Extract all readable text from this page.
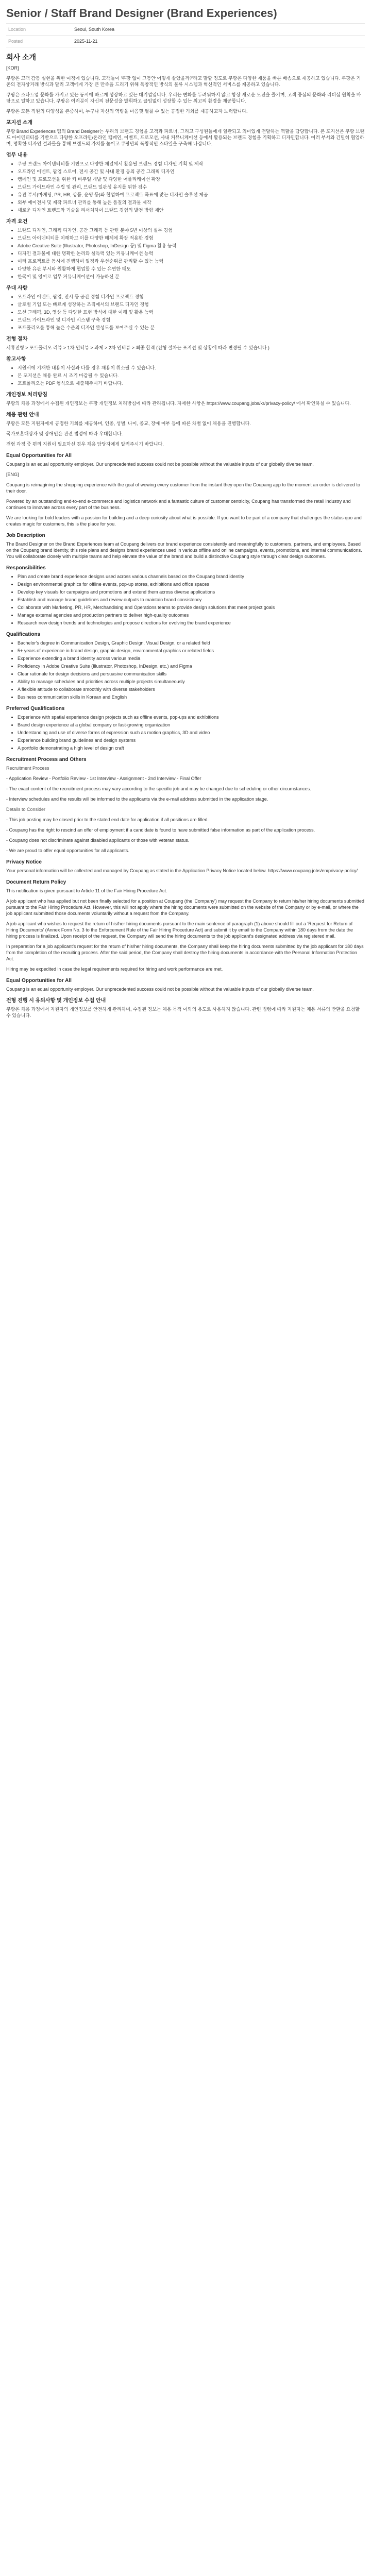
Senior / Staff Brand Designer (Brand Experiences)
Location	Seoul, South Korea
Posted	2025-11-21
회사 소개

[KOR]

쿠팡은 고객 감동 실현을 위한 여정에 있습니다. 고객들이 '쿠팡 없이 그동안 어떻게 살았을까?'라고 말할 정도로 쿠팡은 다양한 제품을 빠른 배송으로 제공하고 있습니다. 쿠팡은 기존의 전자상거래 방식과 달리 고객에게 가장 큰 만족을 드리기 위해 독창적인 방식의 물류 시스템과 혁신적인 서비스를 제공하고 있습니다.

쿠팡은 스타트업 문화를 가지고 있는 동시에 빠르게 성장하고 있는 대기업입니다. 우리는 변화를 두려워하지 않고 항상 새로운 도전을 즐기며, 고객 중심의 문화와 리더십 원칙을 바탕으로 일하고 있습니다. 쿠팡은 여러분이 자신의 전문성을 발휘하고 끊임없이 성장할 수 있는 최고의 환경을 제공합니다.

쿠팡은 모든 직원의 다양성을 존중하며, 누구나 자신의 역량을 마음껏 펼칠 수 있는 공정한 기회를 제공하고자 노력합니다.

포지션 소개

쿠팡 Brand Experiences 팀의 Brand Designer는 우리의 브랜드 경험을 고객과 파트너, 그리고 구성원들에게 일관되고 의미있게 전달하는 역할을 담당합니다. 본 포지션은 쿠팡 브랜드 아이덴티티를 기반으로 다양한 오프라인/온라인 캠페인, 이벤트, 프로모션, 사내 커뮤니케이션 등에서 활용되는 브랜드 경험을 기획하고 디자인합니다. 여러 부서와 긴밀히 협업하며, 명확한 디자인 결과물을 통해 브랜드의 가치를 높이고 쿠팡만의 독창적인 스타일을 구축해 나갑니다.

업무 내용
• 쿠팡 브랜드 아이덴티티를 기반으로 다양한 채널에서 활용될 브랜드 경험 디자인 기획 및 제작
• 오프라인 이벤트, 팝업 스토어, 전시 공간 및 사내 환경 등의 공간 그래픽 디자인
• 캠페인 및 프로모션을 위한 키 비주얼 개발 및 다양한 어플리케이션 확장
• 브랜드 가이드라인 수립 및 관리, 브랜드 일관성 유지를 위한 검수
• 유관 부서(마케팅, PR, HR, 상품, 운영 등)와 협업하여 프로젝트 목표에 맞는 디자인 솔루션 제공
• 외부 에이전시 및 제작 파트너 관리를 통해 높은 품질의 결과물 제작
• 새로운 디자인 트렌드와 기술을 리서치하여 브랜드 경험의 발전 방향 제안
자격 요건
• 브랜드 디자인, 그래픽 디자인, 공간 그래픽 등 관련 분야 5년 이상의 실무 경험
• 브랜드 아이덴티티를 이해하고 이를 다양한 매체에 확장 적용한 경험
• Adobe Creative Suite (Illustrator, Photoshop, InDesign 등) 및 Figma 활용 능력
• 디자인 결과물에 대한 명확한 논리와 설득력 있는 커뮤니케이션 능력
• 여러 프로젝트를 동시에 진행하며 일정과 우선순위를 관리할 수 있는 능력
• 다양한 유관 부서와 원활하게 협업할 수 있는 유연한 태도
• 한국어 및 영어로 업무 커뮤니케이션이 가능하신 분
우대 사항
• 오프라인 이벤트, 팝업, 전시 등 공간 경험 디자인 프로젝트 경험
• 글로벌 기업 또는 빠르게 성장하는 조직에서의 브랜드 디자인 경험
• 모션 그래픽, 3D, 영상 등 다양한 표현 방식에 대한 이해 및 활용 능력
• 브랜드 가이드라인 및 디자인 시스템 구축 경험
• 포트폴리오를 통해 높은 수준의 디자인 완성도를 보여주실 수 있는 분
전형 절차

서류전형 > 포트폴리오 리뷰 > 1차 인터뷰 > 과제 > 2차 인터뷰 > 최종 합격 (전형 절차는 포지션 및 상황에 따라 변경될 수 있습니다.)

참고사항
• 지원서에 기재한 내용이 사실과 다를 경우 채용이 취소될 수 있습니다.
• 본 포지션은 채용 완료 시 조기 마감될 수 있습니다.
• 포트폴리오는 PDF 형식으로 제출해주시기 바랍니다.
개인정보 처리방침

쿠팡의 채용 과정에서 수집된 개인정보는 쿠팡 개인정보 처리방침에 따라 관리됩니다. 자세한 사항은 https://www.coupang.jobs/kr/privacy-policy/ 에서 확인하실 수 있습니다.

채용 관련 안내

쿠팡은 모든 지원자에게 공정한 기회를 제공하며, 인종, 성별, 나이, 종교, 장애 여부 등에 따른 차별 없이 채용을 진행합니다.

국가보훈대상자 및 장애인은 관련 법령에 따라 우대합니다.

전형 과정 중 편의 지원이 필요하신 경우 채용 담당자에게 알려주시기 바랍니다.

Equal Opportunities for All

Coupang is an equal opportunity employer. Our unprecedented success could not be possible without the valuable inputs of our globally diverse team.

[ENG]

Coupang is reimagining the shopping experience with the goal of wowing every customer from the instant they open the Coupang app to the moment an order is delivered to their door.

Powered by an outstanding end-to-end e-commerce and logistics network and a fantastic culture of customer centricity, Coupang has transformed the retail industry and continues to innovate across every part of the business.

We are looking for bold leaders with a passion for building and a deep curiosity about what is possible. If you want to be part of a company that challenges the status quo and creates magic for customers, this is the place for you.

Job Description

The Brand Designer on the Brand Experiences team at Coupang delivers our brand experience consistently and meaningfully to customers, partners, and employees. Based on the Coupang brand identity, this role plans and designs brand experiences used in various offline and online campaigns, events, promotions, and internal communications. You will collaborate closely with multiple teams and help elevate the value of the brand and build a distinctive Coupang style through clear design outcomes.

Responsibilities
• Plan and create brand experience designs used across various channels based on the Coupang brand identity
• Design environmental graphics for offline events, pop-up stores, exhibitions and office spaces
• Develop key visuals for campaigns and promotions and extend them across diverse applications
• Establish and manage brand guidelines and review outputs to maintain brand consistency
• Collaborate with Marketing, PR, HR, Merchandising and Operations teams to provide design solutions that meet project goals
• Manage external agencies and production partners to deliver high-quality outcomes
• Research new design trends and technologies and propose directions for evolving the brand experience
Qualifications
• Bachelor's degree in Communication Design, Graphic Design, Visual Design, or a related field
• 5+ years of experience in brand design, graphic design, environmental graphics or related fields
• Experience extending a brand identity across various media
• Proficiency in Adobe Creative Suite (Illustrator, Photoshop, InDesign, etc.) and Figma
• Clear rationale for design decisions and persuasive communication skills
• Ability to manage schedules and priorities across multiple projects simultaneously
• A flexible attitude to collaborate smoothly with diverse stakeholders
• Business communication skills in Korean and English
Preferred Qualifications
• Experience with spatial experience design projects such as offline events, pop-ups and exhibitions
• Brand design experience at a global company or fast-growing organization
• Understanding and use of diverse forms of expression such as motion graphics, 3D and video
• Experience building brand guidelines and design systems
• A portfolio demonstrating a high level of design craft
Recruitment Process and Others

Recruitment Process

- Application Review - Portfolio Review - 1st Interview - Assignment - 2nd Interview - Final Offer

- The exact content of the recruitment process may vary according to the specific job and may be changed due to scheduling or other circumstances.

- Interview schedules and the results will be informed to the applicants via the e-mail address submitted in the application stage.

Details to Consider

- This job posting may be closed prior to the stated end date for application if all positions are filled.

- Coupang has the right to rescind an offer of employment if a candidate is found to have submitted false information as part of the application process.

- Coupang does not discriminate against disabled applicants or those with veteran status.

- We are proud to offer equal opportunities for all applicants.

Privacy Notice

Your personal information will be collected and managed by Coupang as stated in the Application Privacy Notice located below. https://www.coupang.jobs/en/privacy-policy/

Document Return Policy

This notification is given pursuant to Article 11 of the Fair Hiring Procedure Act.

A job applicant who has applied but not been finally selected for a position at Coupang (the 'Company') may request the Company to return his/her hiring documents submitted pursuant to the Fair Hiring Procedure Act. However, this will not apply where the hiring documents were submitted on the website of the Company or by e-mail, or where the job applicant submitted those documents voluntarily without a request from the Company.

A job applicant who wishes to request the return of his/her hiring documents pursuant to the main sentence of paragraph (1) above should fill out a 'Request for Return of Hiring Documents' (Annex Form No. 3 to the Enforcement Rule of the Fair Hiring Procedure Act) and submit it by email to the Company within 180 days from the date the hiring process is finalized. Upon receipt of the request, the Company will send the hiring documents to the job applicant's designated address via registered mail.

In preparation for a job applicant's request for the return of his/her hiring documents, the Company shall keep the hiring documents submitted by the job applicant for 180 days from the completion of the recruiting process. After the said period, the Company shall destroy the hiring documents in accordance with the Personal Information Protection Act.

Hiring may be expedited in case the legal requirements required for hiring and work performance are met.

Equal Opportunities for All

Coupang is an equal opportunity employer. Our unprecedented success could not be possible without the valuable inputs of our globally diverse team.

전형 진행 시 유의사항 및 개인정보 수집 안내

쿠팡은 채용 과정에서 지원자의 개인정보를 안전하게 관리하며, 수집된 정보는 채용 목적 이외의 용도로 사용하지 않습니다. 관련 법령에 따라 지원자는 채용 서류의 반환을 요청할 수 있습니다.
